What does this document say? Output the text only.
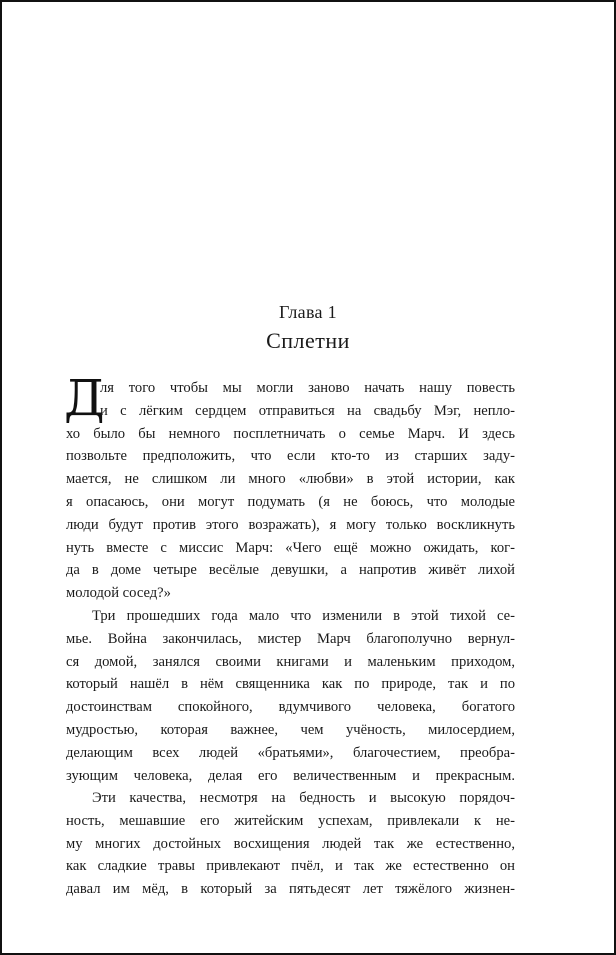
Глава 1
Сплетни
Д
ля того чтобы мы могли заново начать нашу повесть
и с лёгким сердцем отправиться на свадьбу Мэг, непло-
хо было бы немного посплетничать о семье Марч. И здесь
позвольте предположить, что если кто-то из старших заду-
мается, не слишком ли много «любви» в этой истории, как
я опасаюсь, они могут подумать (я не боюсь, что молодые
люди будут против этого возражать), я могу только воскликнуть
нуть вместе с миссис Марч: «Чего ещё можно ожидать, ког-
да в доме четыре весёлые девушки, а напротив живёт лихой
молодой сосед?»
Три прошедших года мало что изменили в этой тихой се-
мье. Война закончилась, мистер Марч благополучно вернул-
ся домой, занялся своими книгами и маленьким приходом,
который нашёл в нём священника как по природе, так и по
достоинствам спокойного, вдумчивого человека, богатого
мудростью, которая важнее, чем учёность, милосердием,
делающим всех людей «братьями», благочестием, преобра-
зующим человека, делая его величественным и прекрасным.
Эти качества, несмотря на бедность и высокую порядоч-
ность, мешавшие его житейским успехам, привлекали к не-
му многих достойных восхищения людей так же естественно,
как сладкие травы привлекают пчёл, и так же естественно он
давал им мёд, в который за пятьдесят лет тяжёлого жизнен-
